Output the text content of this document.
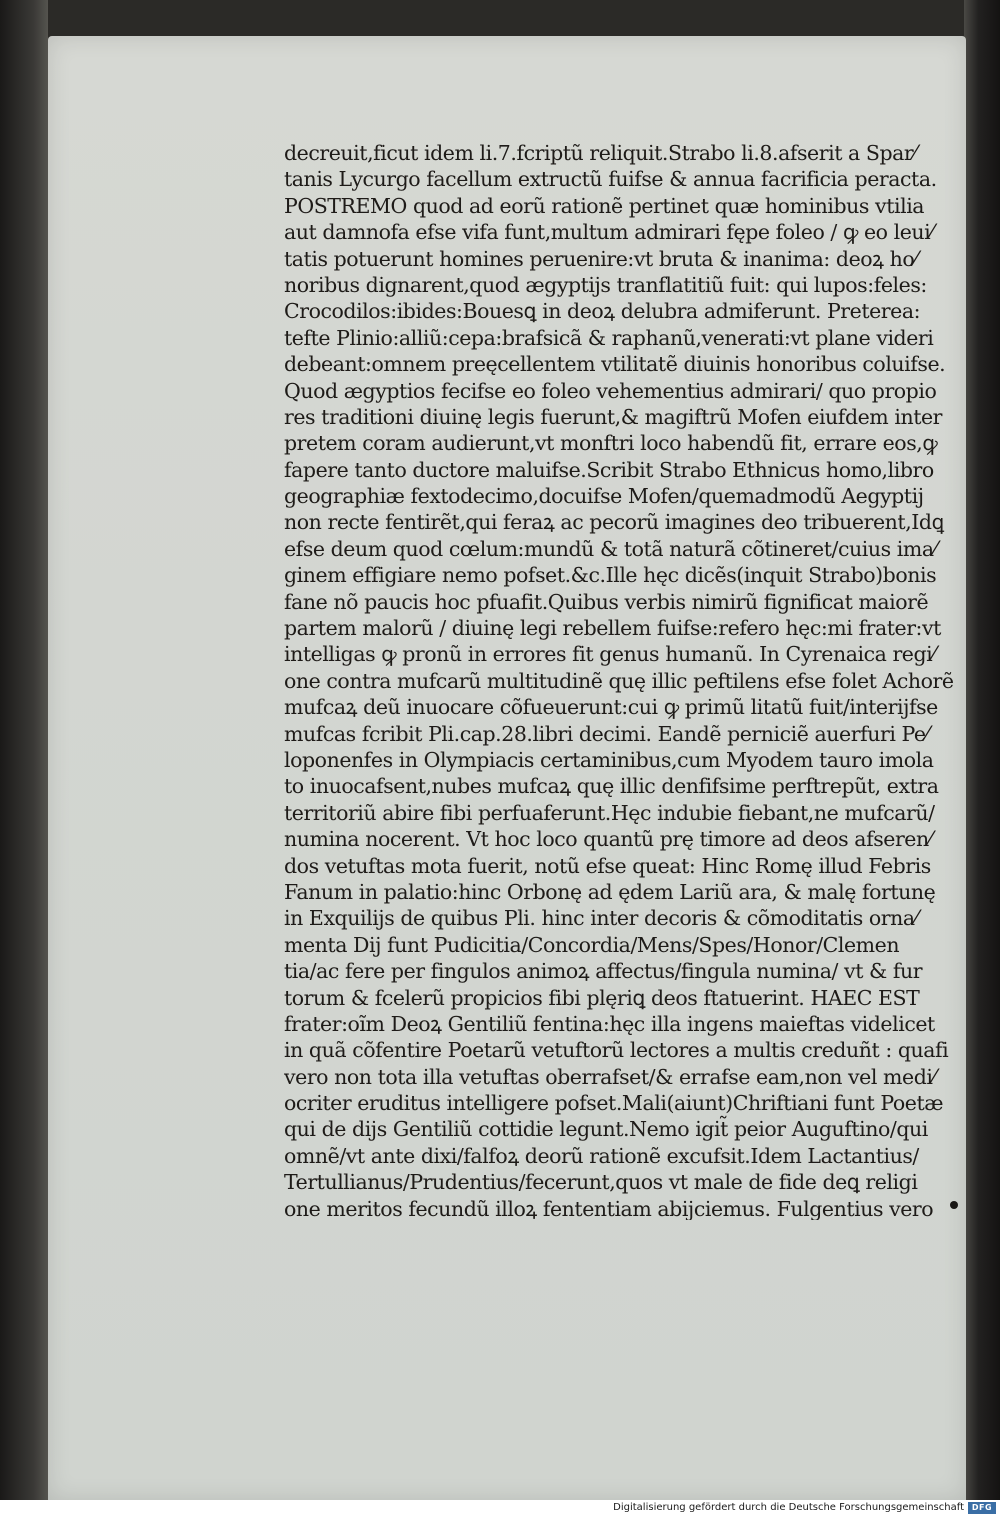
decreuit,ficut idem li.7.fcriptũ reliquit.Strabo li.8.afserit a Spar⁄
tanis Lycurgo facellum extructũ fuifse & annua facrificia peracta.
POSTREMO quod ad eorũ rationẽ pertinet quæ hominibus vtilia
aut damnofa efse vifa funt,multum admirari fępe foleo / ꝙ eo leui⁄
tatis potuerunt homines peruenire:vt bruta & inanima: deoꝝ ho⁄
noribus dignarent,quod ægyptijs tranflatitiũ fuit: qui lupos:feles:
Crocodilos:ibides:Bouesꝗ in deoꝝ delubra admiferunt. Preterea:
tefte Plinio:alliũ:cepa:brafsicã & raphanũ,venerati:vt plane videri
debeant:omnem preęcellentem vtilitatẽ diuinis honoribus coluifse.
Quod ægyptios fecifse eo foleo vehementius admirari/ quo propio
res traditioni diuinę legis fuerunt,& magiftrũ Mofen eiufdem inter
pretem coram audierunt,vt monftri loco habendũ fit, errare eos,ꝙ
fapere tanto ductore maluifse.Scribit Strabo Ethnicus homo,libro
geographiæ fextodecimo,docuifse Mofen/quemadmodũ Aegyptij
non recte fentirẽt,qui feraꝝ ac pecorũ imagines deo tribuerent,Idꝗ
efse deum quod cœlum:mundũ & totã naturã cõtineret/cuius ima⁄
ginem effigiare nemo pofset.&c.Ille hęc dicẽs(inquit Strabo)bonis
fane nõ paucis hoc pfuafit.Quibus verbis nimirũ fignificat maiorẽ
partem malorũ / diuinę legi rebellem fuifse:refero hęc:mi frater:vt
intelligas ꝙ pronũ in errores fit genus humanũ. In Cyrenaica regi⁄
one contra mufcarũ multitudinẽ quę illic peftilens efse folet Achorẽ
mufcaꝝ deũ inuocare cõfueuerunt:cui ꝙ primũ litatũ fuit/interijfse
mufcas fcribit Pli.cap.28.libri decimi. Eandẽ perniciẽ auerfuri Pe⁄
loponenfes in Olympiacis certaminibus,cum Myodem tauro imola
to inuocafsent,nubes mufcaꝝ quę illic denfifsime perftrepũt, extra
territoriũ abire fibi perfuaferunt.Hęc indubie fiebant,ne mufcarũ/
numina nocerent. Vt hoc loco quantũ prę timore ad deos afseren⁄
dos vetuftas mota fuerit, notũ efse queat: Hinc Romę illud Febris
Fanum in palatio:hinc Orbonę ad ędem Lariũ ara, & malę fortunę
in Exquilijs de quibus Pli. hinc inter decoris & cõmoditatis orna⁄
menta Dij funt Pudicitia/Concordia/Mens/Spes/Honor/Clemen
tia/ac fere per fingulos animoꝝ affectus/fingula numina/ vt & fur
torum & fcelerũ propicios fibi plęriꝗ deos ftatuerint. HAEC EST
frater:oĩm Deoꝝ Gentiliũ fentina:hęc illa ingens maieftas videlicet
in quã cõfentire Poetarũ vetuftorũ lectores a multis creduñt : quafi
vero non tota illa vetuftas oberrafset/& errafse eam,non vel medi⁄
ocriter eruditus intelligere pofset.Mali(aiunt)Chriftiani funt Poetæ
qui de dijs Gentiliũ cottidie legunt.Nemo igit̃ peior Auguftino/qui
omnẽ/vt ante dixi/falfoꝝ deorũ rationẽ excufsit.Idem Lactantius/
Tertullianus/Prudentius/fecerunt,quos vt male de fide deꝗ religi
one meritos fecundũ illoꝝ fententiam abijciemus. Fulgentius vero
Digitalisierung gefördert durch die Deutsche Forschungsgemeinschaft DFG
